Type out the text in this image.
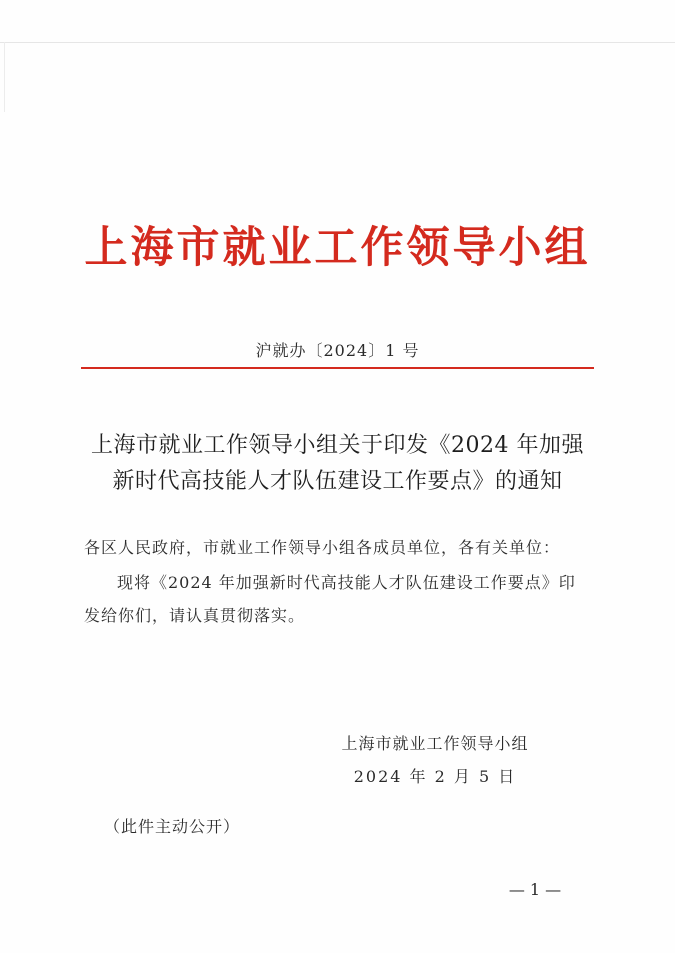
上海市就业工作领导小组
沪就办〔2024〕1 号
上海市就业工作领导小组关于印发《2024 年加强
新时代高技能人才队伍建设工作要点》的通知
各区人民政府，市就业工作领导小组各成员单位，各有关单位：
现将《2024 年加强新时代高技能人才队伍建设工作要点》印
发给你们，请认真贯彻落实。
上海市就业工作领导小组
2024 年 2 月 5 日
（此件主动公开）
— 1 —
